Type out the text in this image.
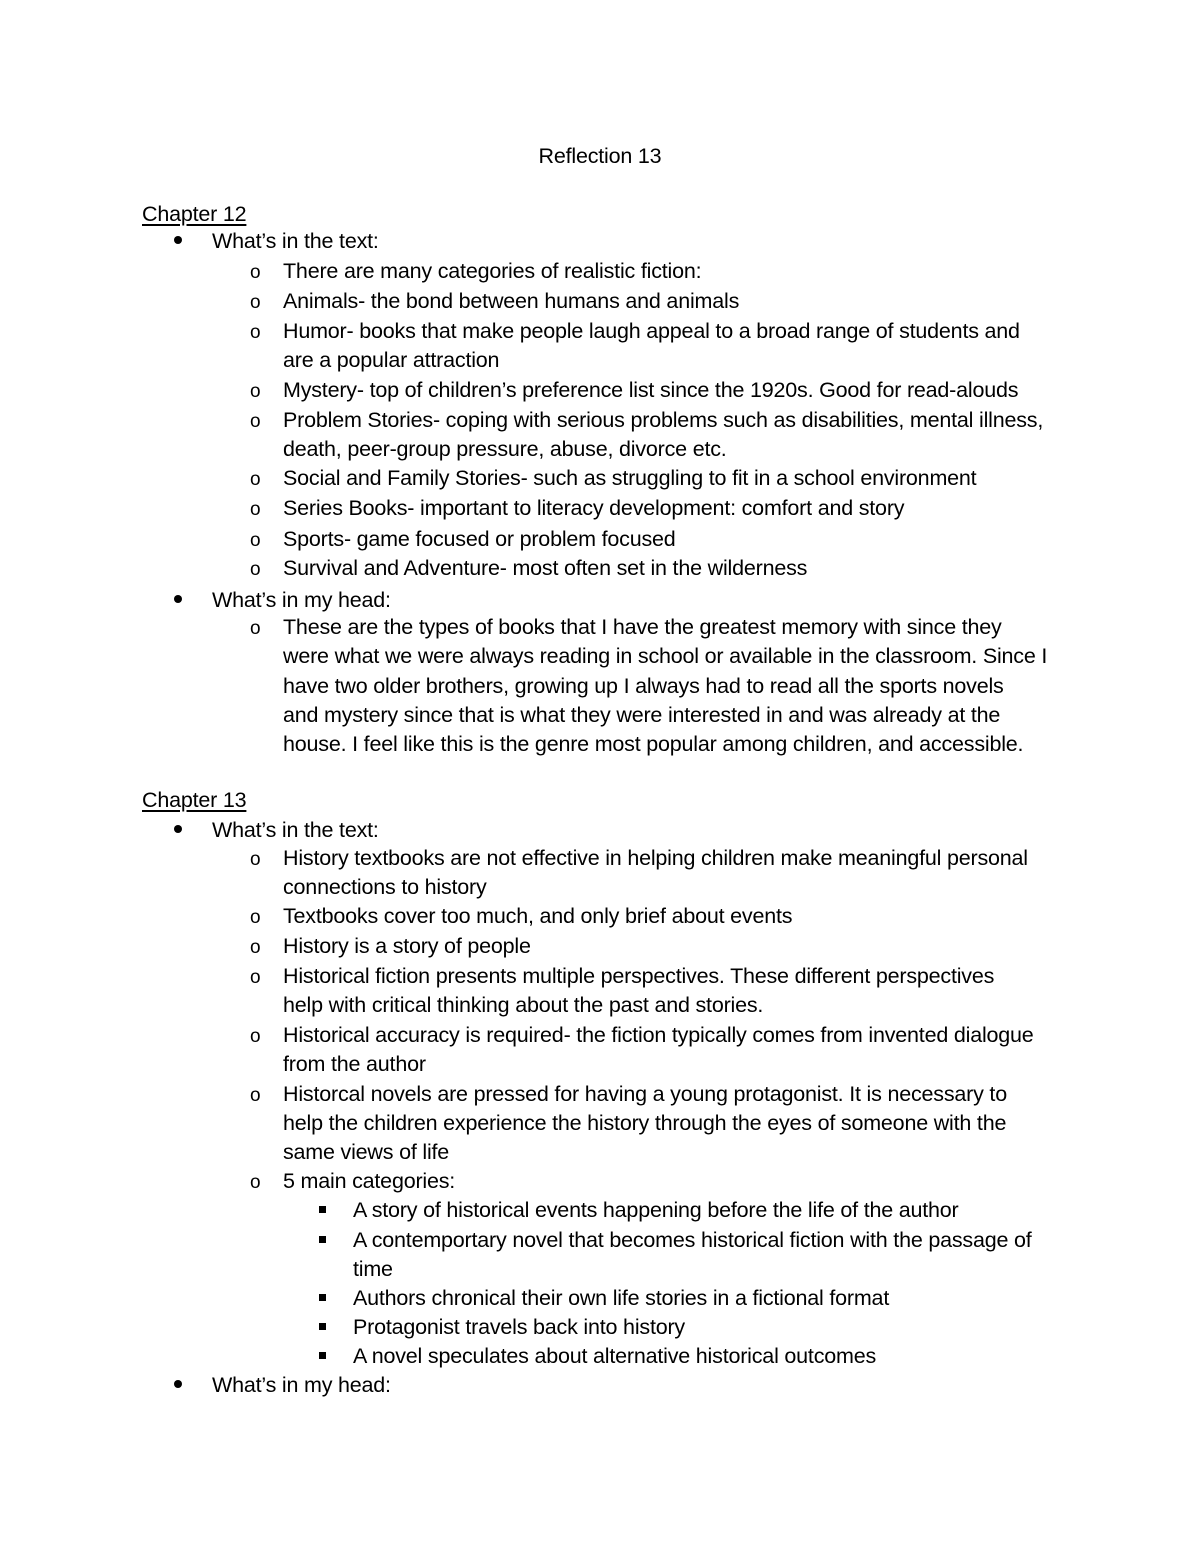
Reflection 13
Chapter 12
What’s in the text:
o There are many categories of realistic fiction:
o Animals- the bond between humans and animals
o Humor- books that make people laugh appeal to a broad range of students and
are a popular attraction
o Mystery- top of children’s preference list since the 1920s. Good for read-alouds
o Problem Stories- coping with serious problems such as disabilities, mental illness,
death, peer-group pressure, abuse, divorce etc.
o Social and Family Stories- such as struggling to fit in a school environment
o Series Books- important to literacy development: comfort and story
o Sports- game focused or problem focused
o Survival and Adventure- most often set in the wilderness
What’s in my head:
o These are the types of books that I have the greatest memory with since they
were what we were always reading in school or available in the classroom. Since I
have two older brothers, growing up I always had to read all the sports novels
and mystery since that is what they were interested in and was already at the
house. I feel like this is the genre most popular among children, and accessible.
Chapter 13
What’s in the text:
o History textbooks are not effective in helping children make meaningful personal
connections to history
o Textbooks cover too much, and only brief about events
o History is a story of people
o Historical fiction presents multiple perspectives. These different perspectives
help with critical thinking about the past and stories.
o Historical accuracy is required- the fiction typically comes from invented dialogue
from the author
o Historcal novels are pressed for having a young protagonist. It is necessary to
help the children experience the history through the eyes of someone with the
same views of life
o 5 main categories:
A story of historical events happening before the life of the author
A contemportary novel that becomes historical fiction with the passage of
time
Authors chronical their own life stories in a fictional format
Protagonist travels back into history
A novel speculates about alternative historical outcomes
What’s in my head:
